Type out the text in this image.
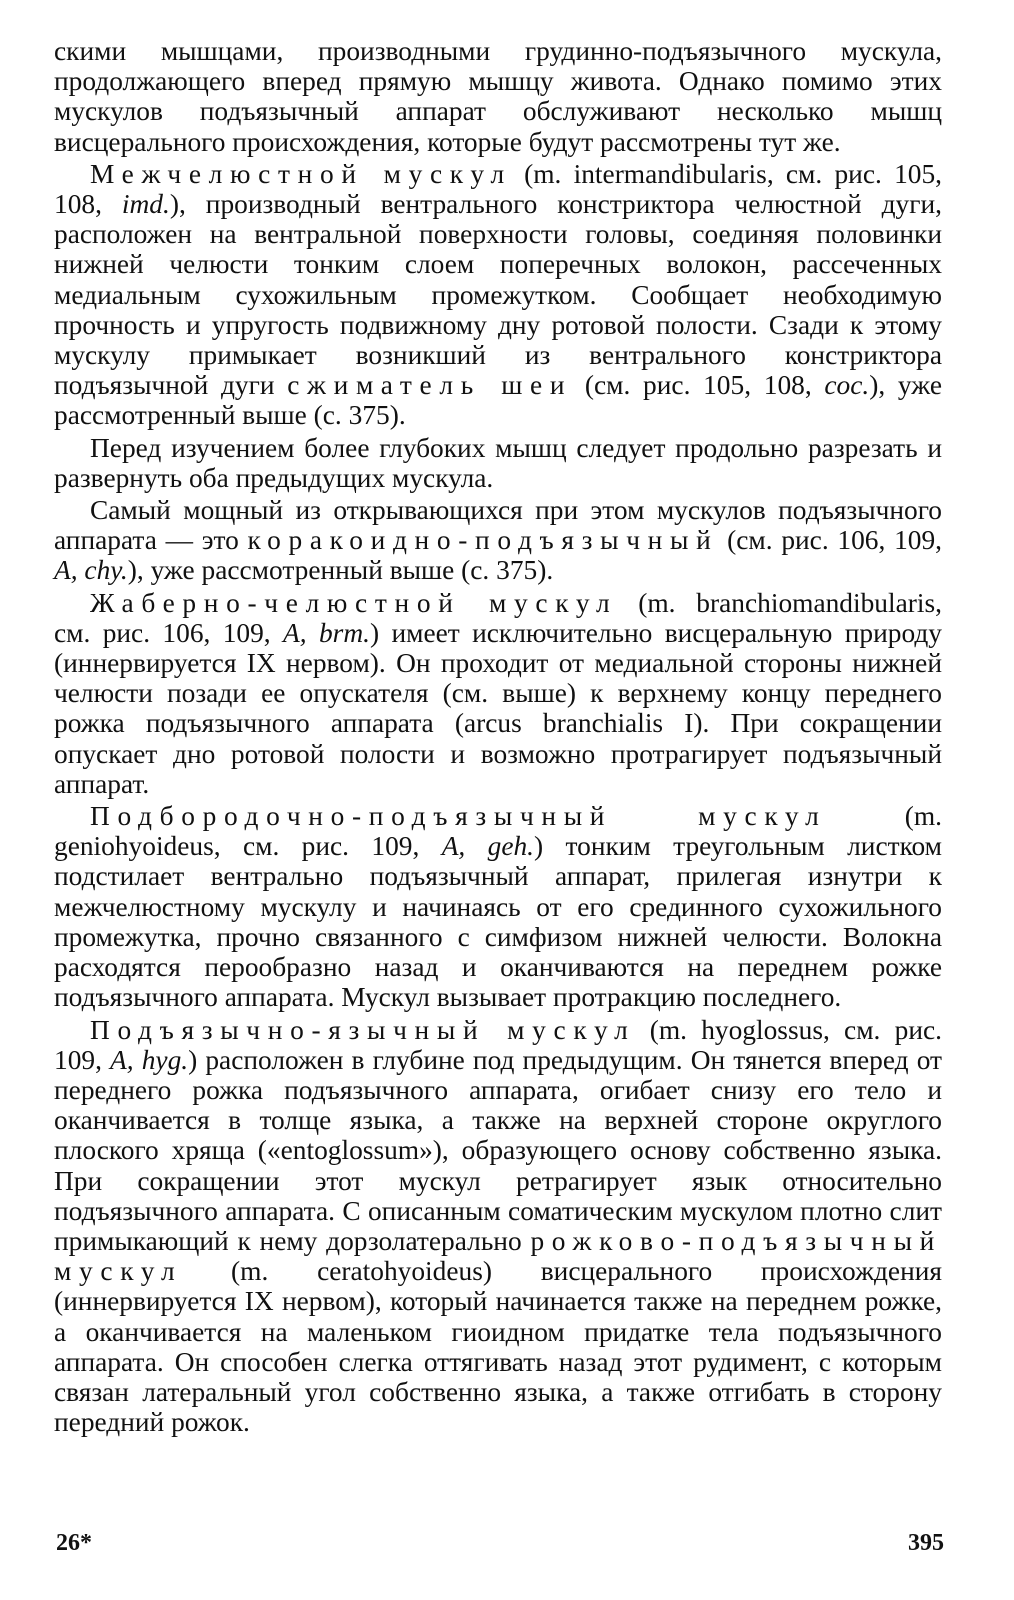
скими мышцами, производными грудинно-подъязычного мускула, продолжающего вперед прямую мышцу живота. Однако помимо этих мускулов подъязычный аппарат обслуживают несколько мышц висцерального происхождения, которые будут рассмотрены тут же.

Межчелюстной мускул (m. intermandibularis, см. рис. 105, 108, imd.), производный вентрального констриктора челюстной дуги, расположен на вентральной поверхности головы, соединяя половинки нижней челюсти тонким слоем поперечных волокон, рассеченных медиальным сухожильным промежутком. Сообщает необходимую прочность и упругость подвижному дну ротовой полости. Сзади к этому мускулу примыкает возникший из вентрального констриктора подъязычной дуги сжиматель шеи (см. рис. 105, 108, coc.), уже рассмотренный выше (с. 375).

Перед изучением более глубоких мышц следует продольно разрезать и развернуть оба предыдущих мускула.

Самый мощный из открывающихся при этом мускулов подъязычного аппарата — это коракоидно-подъязычный (см. рис. 106, 109, A, chy.), уже рассмотренный выше (с. 375).

Жаберно-челюстной мускул (m. branchiomandibularis, см. рис. 106, 109, A, brm.) имеет исключительно висцеральную природу (иннервируется IX нервом). Он проходит от медиальной стороны нижней челюсти позади ее опускателя (см. выше) к верхнему концу переднего рожка подъязычного аппарата (arcus branchialis I). При сокращении опускает дно ротовой полости и возможно протрагирует подъязычный аппарат.

Подбородочно-подъязычный мускул (m. geniohyoideus, см. рис. 109, A, geh.) тонким треугольным листком подстилает вентрально подъязычный аппарат, прилегая изнутри к межчелюстному мускулу и начинаясь от его срединного сухожильного промежутка, прочно связанного с симфизом нижней челюсти. Волокна расходятся перообразно назад и оканчиваются на переднем рожке подъязычного аппарата. Мускул вызывает протракцию последнего.

Подъязычно-язычный мускул (m. hyoglossus, см. рис. 109, A, hyg.) расположен в глубине под предыдущим. Он тянется вперед от переднего рожка подъязычного аппарата, огибает снизу его тело и оканчивается в толще языка, а также на верхней стороне округлого плоского хряща («entoglossum»), образующего основу собственно языка. При сокращении этот мускул ретрагирует язык относительно подъязычного аппарата. С описанным соматическим мускулом плотно слит примыкающий к нему дорзолатерально рожково-подъязычный мускул (m. ceratohyoideus) висцерального происхождения (иннервируется IX нервом), который начинается также на переднем рожке, а оканчивается на маленьком гиоидном придатке тела подъязычного аппарата. Он способен слегка оттягивать назад этот рудимент, с которым связан латеральный угол собственно языка, а также отгибать в сторону передний рожок.

26*	395
